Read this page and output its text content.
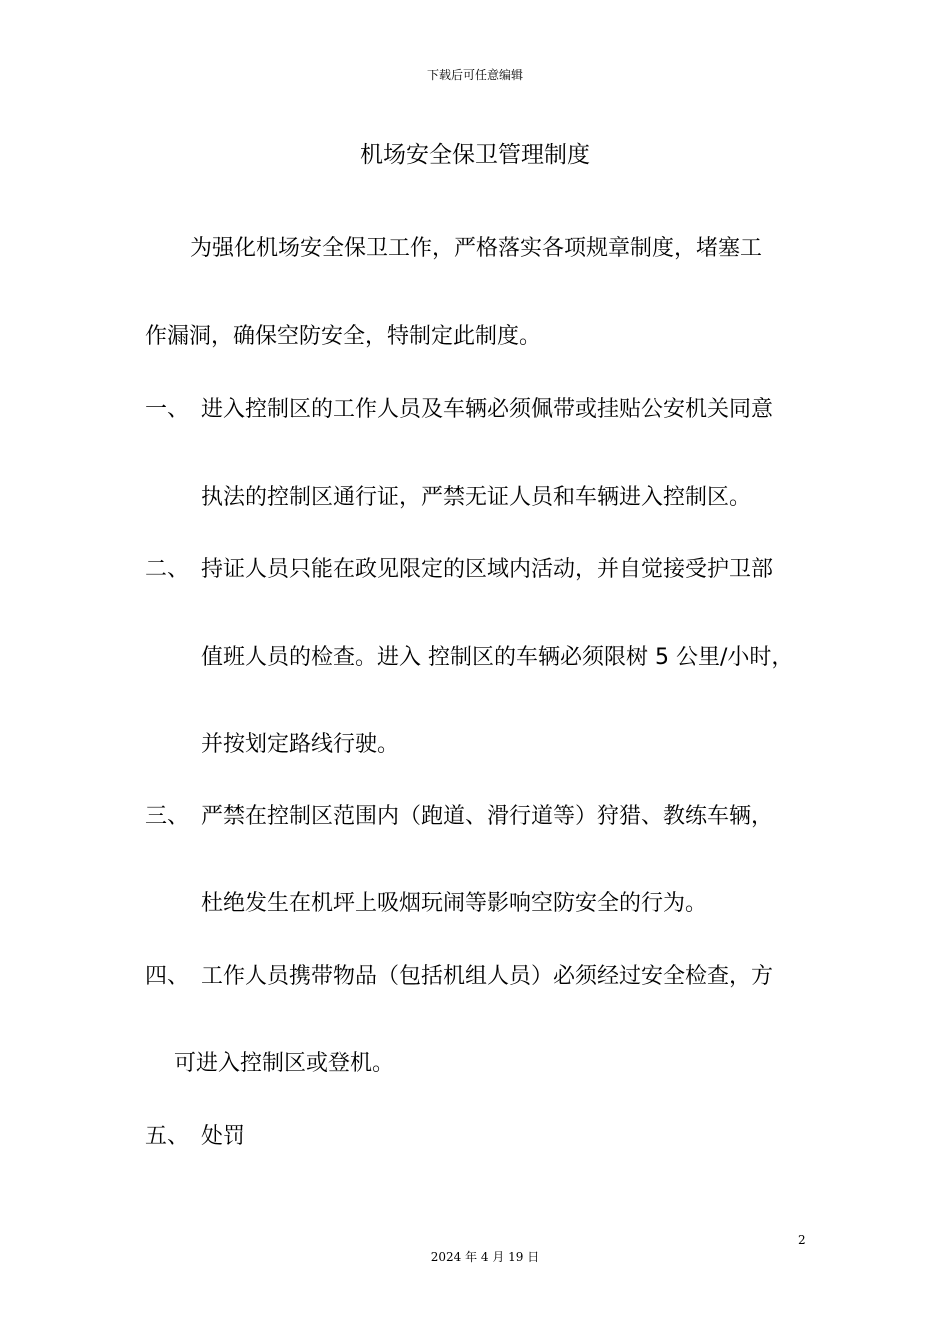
下载后可任意编辑
机场安全保卫管理制度
为强化机场安全保卫工作，严格落实各项规章制度，堵塞工
作漏洞，确保空防安全，特制定此制度。
一、 进入控制区的工作人员及车辆必须佩带或挂贴公安机关同意
执法的控制区通行证，严禁无证人员和车辆进入控制区。
二、 持证人员只能在政见限定的区域内活动，并自觉接受护卫部
值班人员的检查。进入 控制区的车辆必须限树 5 公里/小时，
并按划定路线行驶。
三、 严禁在控制区范围内（跑道、滑行道等）狩猎、教练车辆，
杜绝发生在机坪上吸烟玩闹等影响空防安全的行为。
四、 工作人员携带物品（包括机组人员）必须经过安全检查，方
可进入控制区或登机。
五、 处罚
2
2024 年 4 月 19 日
